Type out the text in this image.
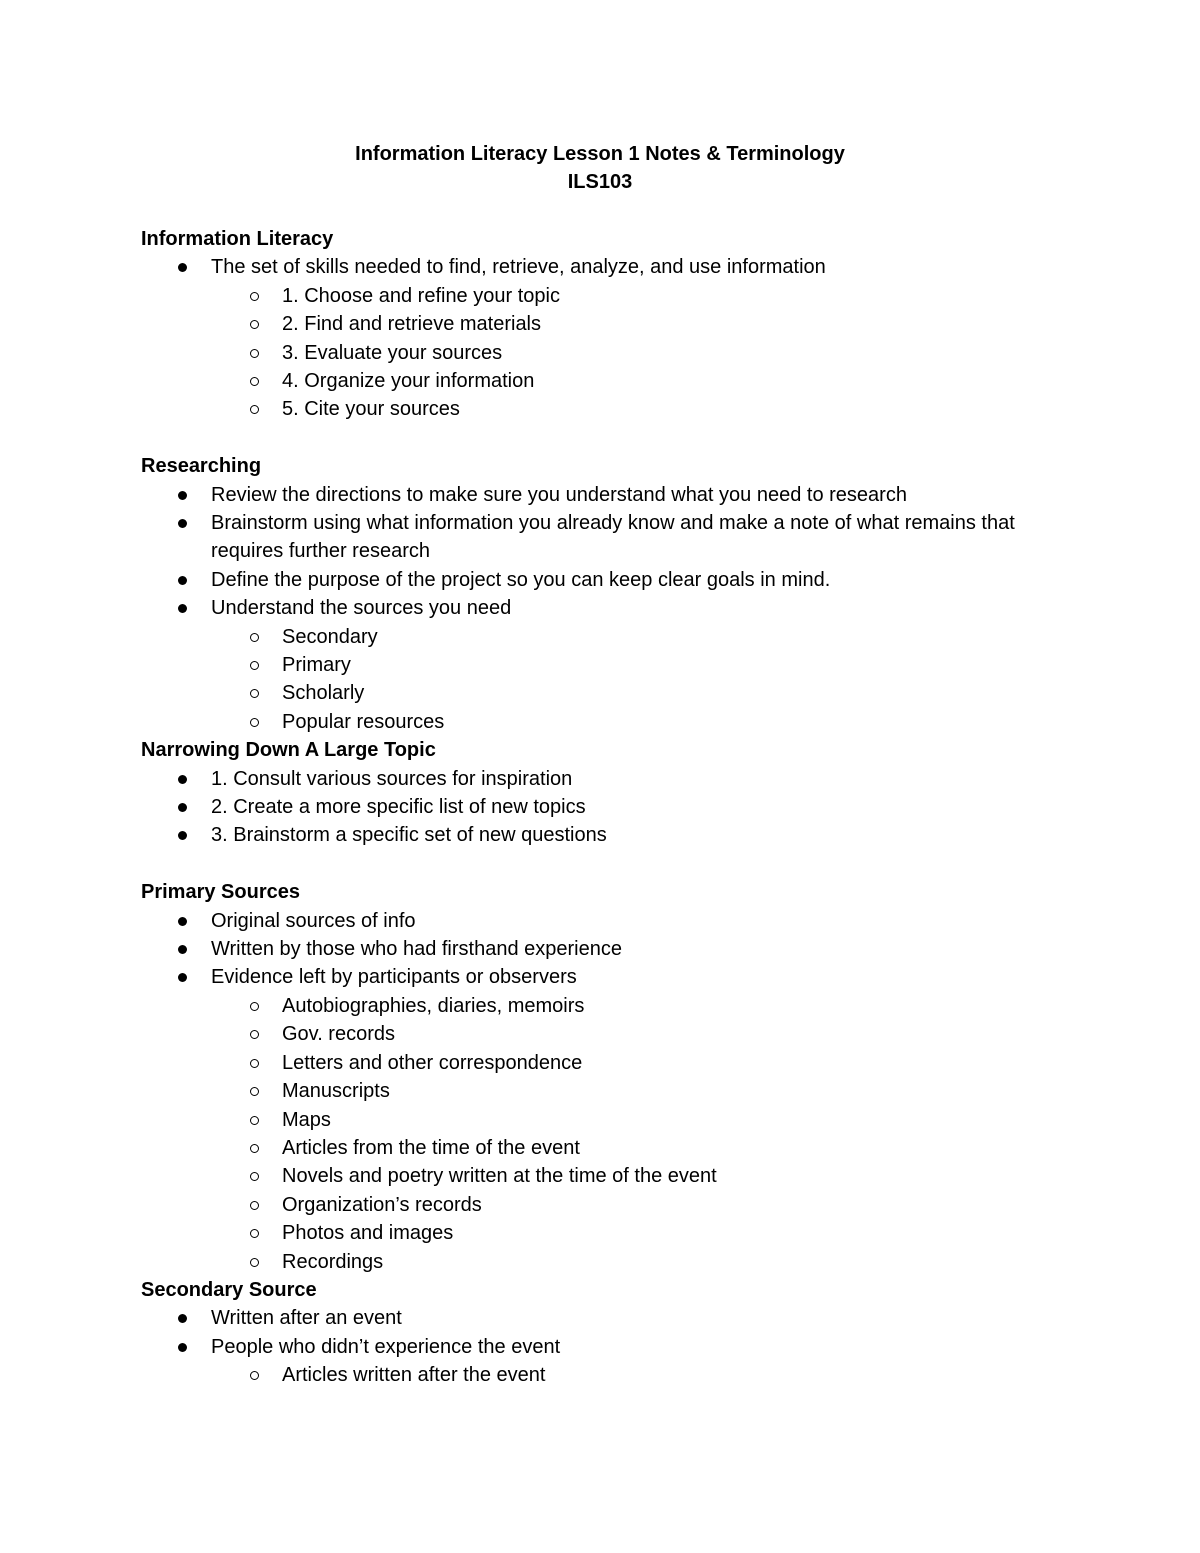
Information Literacy Lesson 1 Notes & Terminology
ILS103
Information Literacy
The set of skills needed to find, retrieve, analyze, and use information
1. Choose and refine your topic
2. Find and retrieve materials
3. Evaluate your sources
4. Organize your information
5. Cite your sources
Researching
Review the directions to make sure you understand what you need to research
Brainstorm using what information you already know and make a note of what remains that requires further research
Define the purpose of the project so you can keep clear goals in mind.
Understand the sources you need
Secondary
Primary
Scholarly
Popular resources
Narrowing Down A Large Topic
1. Consult various sources for inspiration
2. Create a more specific list of new topics
3. Brainstorm a specific set of new questions
Primary Sources
Original sources of info
Written by those who had firsthand experience
Evidence left by participants or observers
Autobiographies, diaries, memoirs
Gov. records
Letters and other correspondence
Manuscripts
Maps
Articles from the time of the event
Novels and poetry written at the time of the event
Organization’s records
Photos and images
Recordings
Secondary Source
Written after an event
People who didn’t experience the event
Articles written after the event
